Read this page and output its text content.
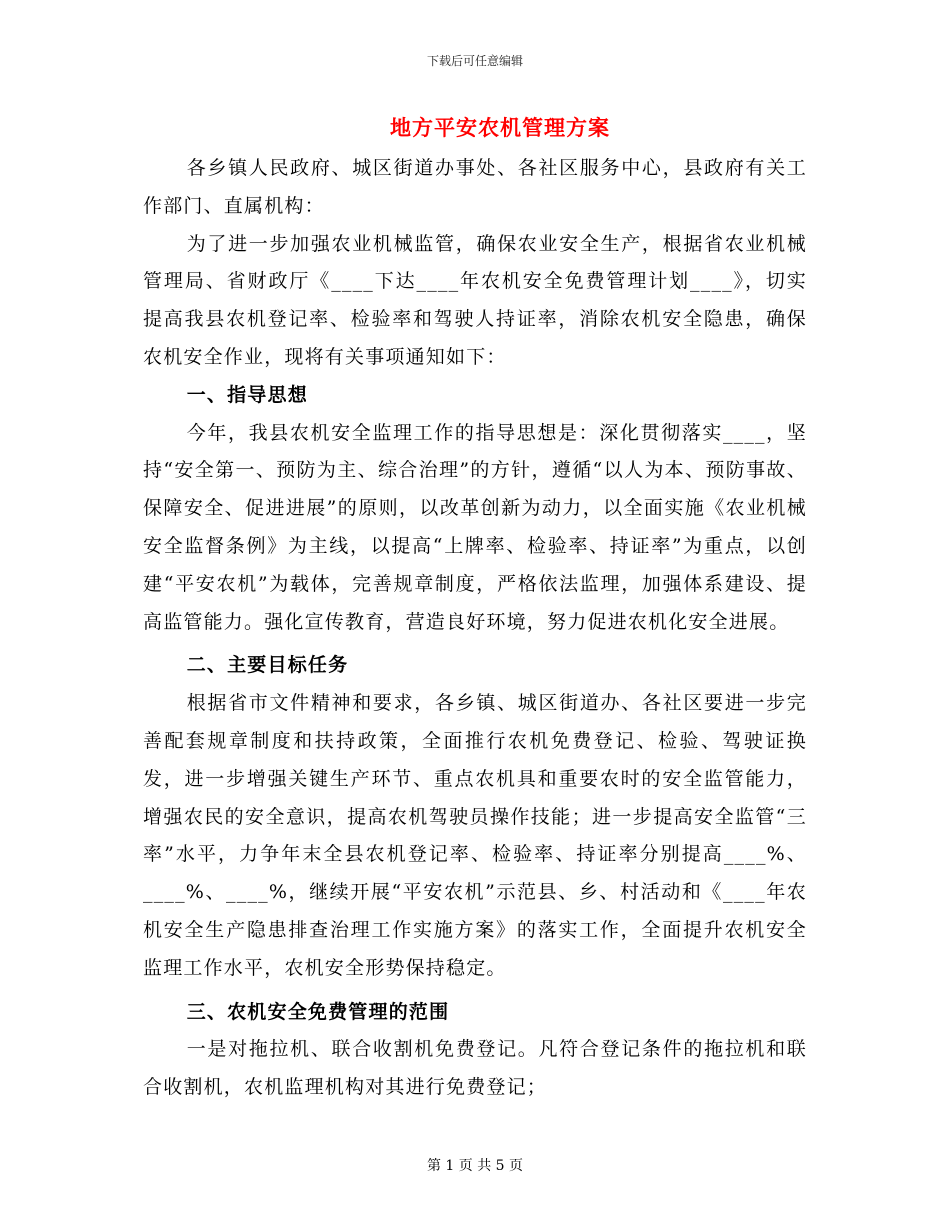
下载后可任意编辑
地方平安农机管理方案

各乡镇人民政府、城区街道办事处、各社区服务中心，县政府有关工作部门、直属机构：

为了进一步加强农业机械监管，确保农业安全生产，根据省农业机械管理局、省财政厅《____下达____年农机安全免费管理计划____》，切实提高我县农机登记率、检验率和驾驶人持证率，消除农机安全隐患，确保农机安全作业，现将有关事项通知如下：

一、指导思想

今年，我县农机安全监理工作的指导思想是：深化贯彻落实____，坚持“安全第一、预防为主、综合治理”的方针，遵循“以人为本、预防事故、保障安全、促进进展”的原则，以改革创新为动力，以全面实施《农业机械安全监督条例》为主线，以提高“上牌率、检验率、持证率”为重点，以创建“平安农机”为载体，完善规章制度，严格依法监理，加强体系建设、提高监管能力。强化宣传教育，营造良好环境，努力促进农机化安全进展。

二、主要目标任务

根据省市文件精神和要求，各乡镇、城区街道办、各社区要进一步完善配套规章制度和扶持政策，全面推行农机免费登记、检验、驾驶证换发，进一步增强关键生产环节、重点农机具和重要农时的安全监管能力，增强农民的安全意识，提高农机驾驶员操作技能；进一步提高安全监管“三率”水平，力争年末全县农机登记率、检验率、持证率分别提高____%、____%、____%，继续开展“平安农机”示范县、乡、村活动和《____年农机安全生产隐患排查治理工作实施方案》的落实工作，全面提升农机安全监理工作水平，农机安全形势保持稳定。

三、农机安全免费管理的范围

一是对拖拉机、联合收割机免费登记。凡符合登记条件的拖拉机和联合收割机，农机监理机构对其进行免费登记；

第 1 页 共 5 页
